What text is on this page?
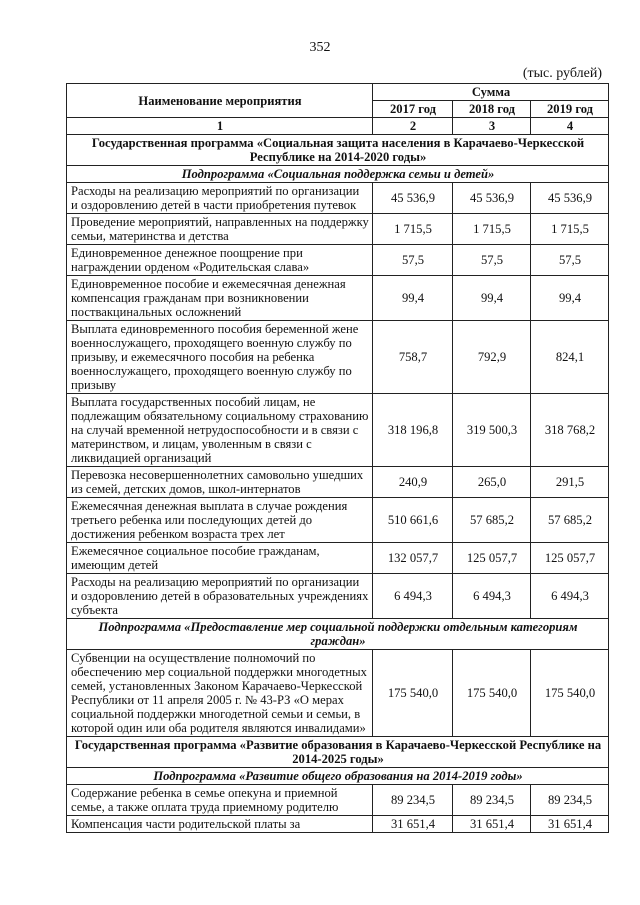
352
(тыс. рублей)
Наименование мероприятия	Сумма		
	2017 год	2018 год	2019 год
1	2	3	4
Государственная программа «Социальная защита населения в Карачаево-Черкесской Республике на 2014-2020 годы»			
Подпрограмма «Социальная поддержка семьи и детей»			
Расходы на реализацию мероприятий по организации и оздоровлению детей в части приобретения путевок	45 536,9	45 536,9	45 536,9
Проведение мероприятий, направленных на поддержку семьи, материнства и детства	1 715,5	1 715,5	1 715,5
Единовременное денежное поощрение при награждении орденом «Родительская слава»	57,5	57,5	57,5
Единовременное пособие и ежемесячная денежная компенсация гражданам при возникновении поствакцинальных осложнений	99,4	99,4	99,4
Выплата единовременного пособия беременной жене военнослужащего, проходящего военную службу по призыву, и ежемесячного пособия на ребенка военнослужащего, проходящего военную службу по призыву	758,7	792,9	824,1
Выплата государственных пособий лицам, не подлежащим обязательному социальному страхованию на случай временной нетрудоспособности и в связи с материнством, и лицам, уволенным в связи с ликвидацией организаций	318 196,8	319 500,3	318 768,2
Перевозка несовершеннолетних самовольно ушедших из семей, детских домов, школ-интернатов	240,9	265,0	291,5
Ежемесячная денежная выплата в случае рождения третьего ребенка или последующих детей до достижения ребенком возраста трех лет	510 661,6	57 685,2	57 685,2
Ежемесячное социальное пособие гражданам, имеющим детей	132 057,7	125 057,7	125 057,7
Расходы на реализацию мероприятий по организации и оздоровлению детей в образовательных учреждениях субъекта	6 494,3	6 494,3	6 494,3
Подпрограмма «Предоставление мер социальной поддержки отдельным категориям граждан»			
Субвенции на осуществление полномочий по обеспечению мер социальной поддержки многодетных семей, установленных Законом Карачаево-Черкесской Республики от 11 апреля 2005 г. № 43-РЗ «О мерах социальной поддержки многодетной семьи и семьи, в которой один или оба родителя являются инвалидами»	175 540,0	175 540,0	175 540,0
Государственная программа «Развитие образования в Карачаево-Черкесской Республике на 2014-2025 годы»			
Подпрограмма «Развитие общего образования на 2014-2019 годы»			
Содержание ребенка в семье опекуна и приемной семье, а также оплата труда приемному родителю	89 234,5	89 234,5	89 234,5
Компенсация части родительской платы за	31 651,4	31 651,4	31 651,4
